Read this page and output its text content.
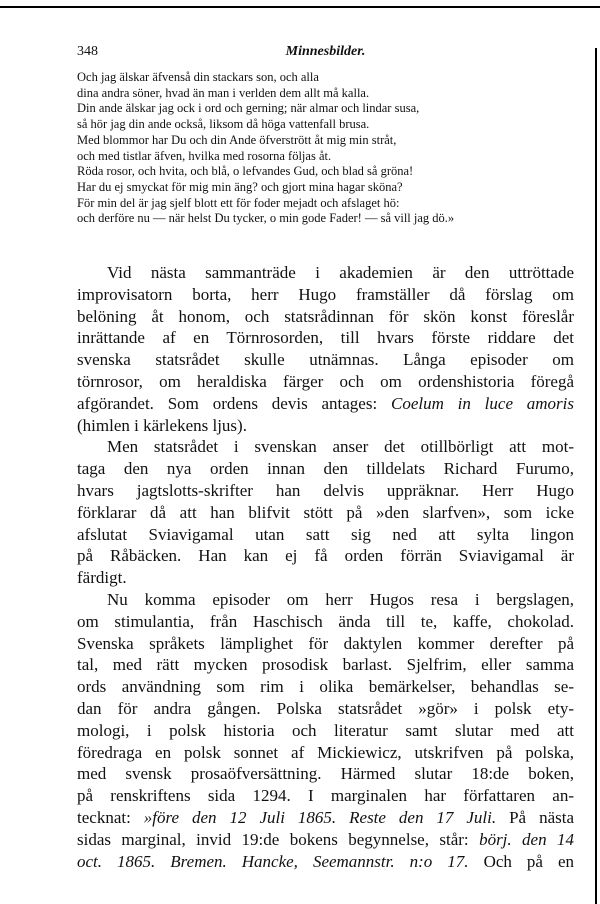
348	Minnesbilder.
Och jag älskar äfvenså din stackars son, och alla
dina andra söner, hvad än man i verlden dem allt må kalla.
Din ande älskar jag ock i ord och gerning; när almar och lindar susa,
så hör jag din ande också, liksom då höga vattenfall brusa.
Med blommor har Du och din Ande öfverstrött åt mig min stråt,
och med tistlar äfven, hvilka med rosorna följas åt.
Röda rosor, och hvita, och blå, o lefvandes Gud, och blad så gröna!
Har du ej smyckat för mig min äng? och gjort mina hagar sköna?
För min del är jag sjelf blott ett för foder mejadt och afslaget hö:
och derföre nu — när helst Du tycker, o min gode Fader! — så vill jag dö.»
Vid nästa sammanträde i akademien är den uttröttade
improvisatorn borta, herr Hugo framställer då förslag om
belöning åt honom, och statsrådinnan för skön konst föreslår
inrättande af en Törnrosorden, till hvars förste riddare det
svenska statsrådet skulle utnämnas. Långa episoder om
törnrosor, om heraldiska färger och om ordenshistoria föregå
afgörandet. Som ordens devis antages: Coelum in luce amoris
(himlen i kärlekens ljus).
Men statsrådet i svenskan anser det otillbörligt att mot-
taga den nya orden innan den tilldelats Richard Furumo,
hvars jagtslotts-skrifter han delvis uppräknar. Herr Hugo
förklarar då att han blifvit stött på »den slarfven», som icke
afslutat Sviavigamal utan satt sig ned att sylta lingon
på Råbäcken. Han kan ej få orden förrän Sviavigamal är
färdigt.
Nu komma episoder om herr Hugos resa i bergslagen,
om stimulantia, från Haschisch ända till te, kaffe, chokolad.
Svenska språkets lämplighet för daktylen kommer derefter på
tal, med rätt mycken prosodisk barlast. Sjelfrim, eller samma
ords användning som rim i olika bemärkelser, behandlas se-
dan för andra gången. Polska statsrådet »gör» i polsk ety-
mologi, i polsk historia och literatur samt slutar med att
föredraga en polsk sonnet af Mickiewicz, utskrifven på polska,
med svensk prosaöfversättning. Härmed slutar 18:de boken,
på renskriftens sida 1294. I marginalen har författaren an-
tecknat: »före den 12 Juli 1865. Reste den 17 Juli. På nästa
sidas marginal, invid 19:de bokens begynnelse, står: börj. den 14
oct. 1865. Bremen. Hancke, Seemannstr. n:o 17. Och på en
